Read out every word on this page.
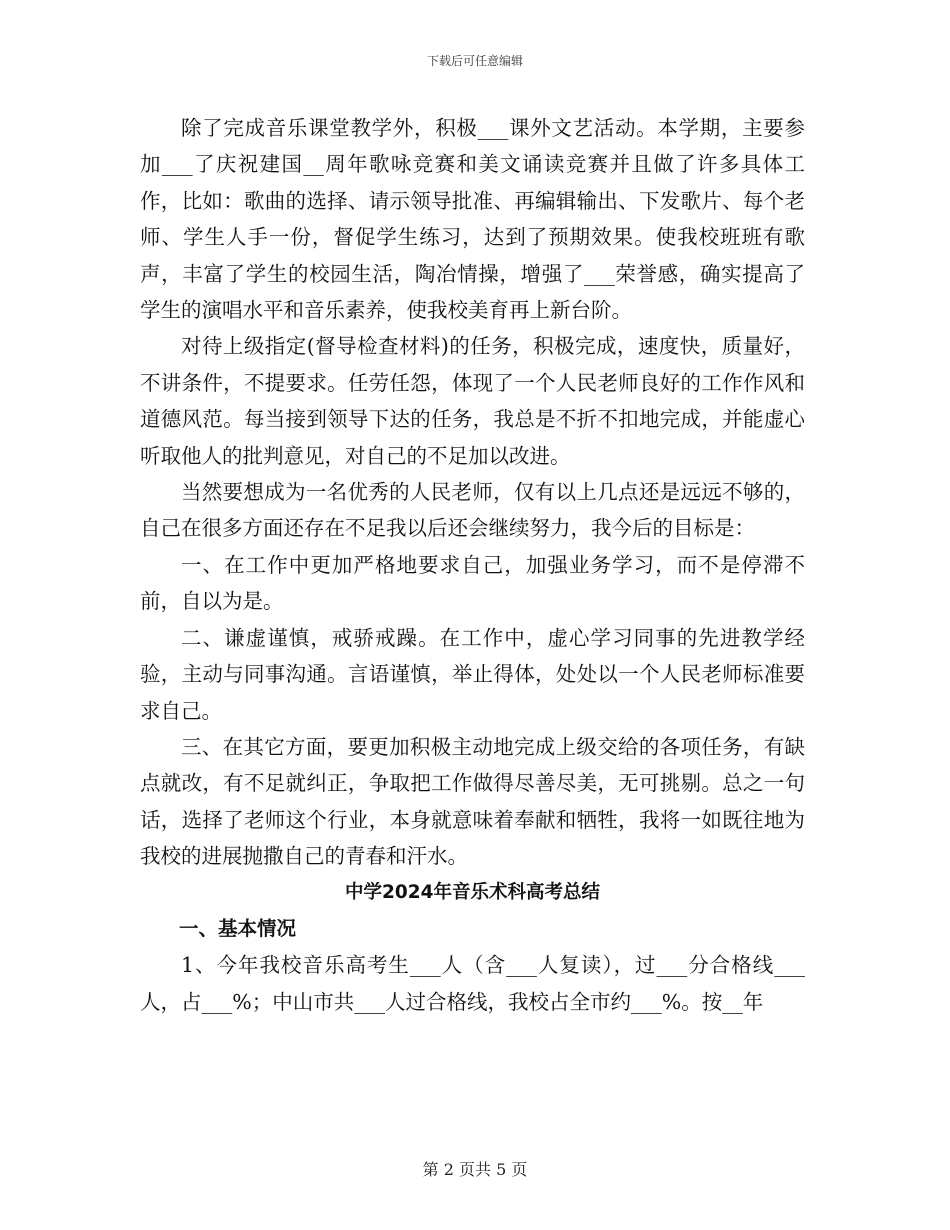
下载后可任意编辑

除了完成音乐课堂教学外，积极___课外文艺活动。本学期，主要参加___了庆祝建国__周年歌咏竞赛和美文诵读竞赛并且做了许多具体工作，比如：歌曲的选择、请示领导批准、再编辑输出、下发歌片、每个老师、学生人手一份，督促学生练习，达到了预期效果。使我校班班有歌声，丰富了学生的校园生活，陶冶情操，增强了___荣誉感，确实提高了学生的演唱水平和音乐素养，使我校美育再上新台阶。

对待上级指定(督导检查材料)的任务，积极完成，速度快，质量好，不讲条件，不提要求。任劳任怨，体现了一个人民老师良好的工作作风和道德风范。每当接到领导下达的任务，我总是不折不扣地完成，并能虚心听取他人的批判意见，对自己的不足加以改进。

当然要想成为一名优秀的人民老师，仅有以上几点还是远远不够的，自己在很多方面还存在不足我以后还会继续努力，我今后的目标是：

一、在工作中更加严格地要求自己，加强业务学习，而不是停滞不前，自以为是。

二、谦虚谨慎，戒骄戒躁。在工作中，虚心学习同事的先进教学经验，主动与同事沟通。言语谨慎，举止得体，处处以一个人民老师标准要求自己。

三、在其它方面，要更加积极主动地完成上级交给的各项任务，有缺点就改，有不足就纠正，争取把工作做得尽善尽美，无可挑剔。总之一句话，选择了老师这个行业，本身就意味着奉献和牺牲，我将一如既往地为我校的进展抛撒自己的青春和汗水。

中学2024年音乐术科高考总结
一、基本情况

1、今年我校音乐高考生___人（含___人复读），过___分合格线___人，占___%；中山市共___人过合格线，我校占全市约___%。按__年

第 2 页共 5 页
